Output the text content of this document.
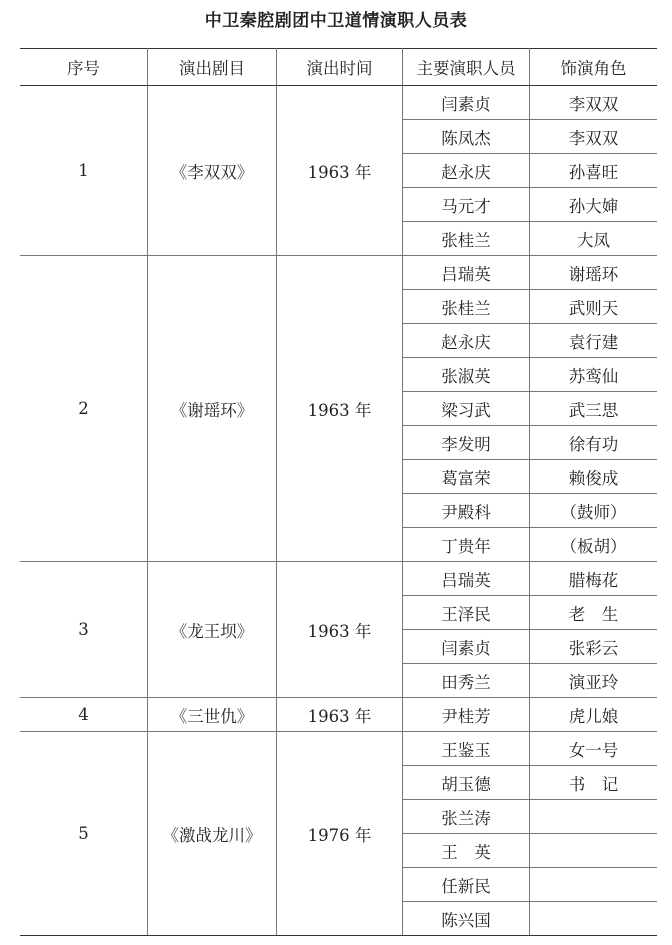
中卫秦腔剧团中卫道情演职人员表
序号	演出剧目	演出时间	主要演职人员	饰演角色
1	《李双双》	1963 年	闫素贞	李双双
			陈凤杰	李双双
			赵永庆	孙喜旺
			马元才	孙大婶
			张桂兰	大凤
2	《谢瑶环》	1963 年	吕瑞英	谢瑶环
			张桂兰	武则天
			赵永庆	袁行建
			张淑英	苏鸾仙
			梁习武	武三思
			李发明	徐有功
			葛富荣	赖俊成
			尹殿科	（鼓师）
			丁贵年	（板胡）
3	《龙王坝》	1963 年	吕瑞英	腊梅花
			王泽民	老　生
			闫素贞	张彩云
			田秀兰	演亚玲
4	《三世仇》	1963 年	尹桂芳	虎儿娘
5	《激战龙川》	1976 年	王鉴玉	女一号
			胡玉德	书　记
			张兰涛	
			王　英	
			任新民	
			陈兴国	
